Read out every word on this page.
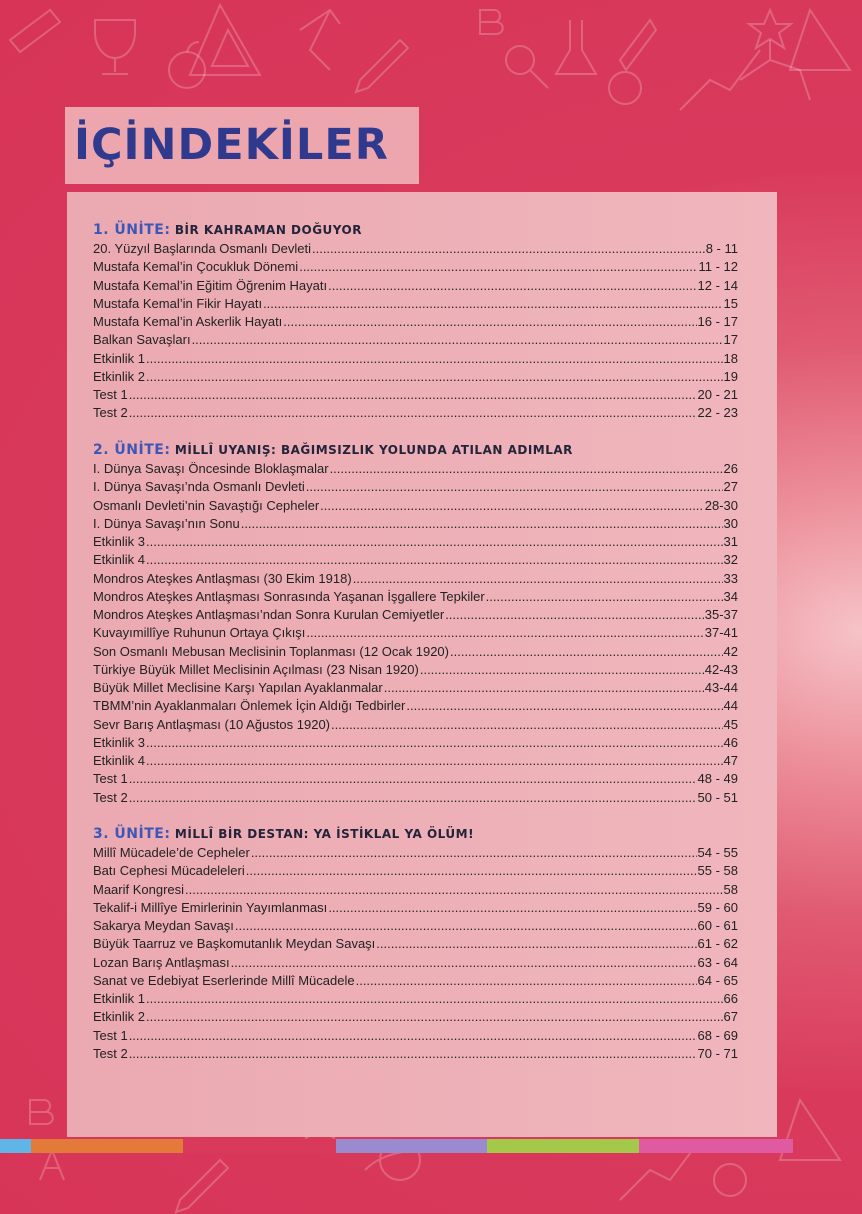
İÇİNDEKİLER
1. ÜNİTE: BİR KAHRAMAN DOĞUYOR
20. Yüzyıl Başlarında Osmanlı Devleti .....	8 - 11
Mustafa Kemal’in Çocukluk Dönemi .....	11 - 12
Mustafa Kemal’in Eğitim Öğrenim Hayatı .....	12 - 14
Mustafa Kemal’in Fikir Hayatı .....	15
Mustafa Kemal’in Askerlik Hayatı .....	16 - 17
Balkan Savaşları .....	17
Etkinlik 1 .....	18
Etkinlik 2 .....	19
Test 1 .....	20 - 21
Test 2 .....	22 - 23
2. ÜNİTE: MİLLÎ UYANIŞ: BAĞIMSIZLIK YOLUNDA ATILAN ADIMLAR
I. Dünya Savaşı Öncesinde Bloklaşmalar .....	26
I. Dünya Savaşı’nda Osmanlı Devleti .....	27
Osmanlı Devleti’nin Savaştığı Cepheler .....	28-30
I. Dünya Savaşı’nın Sonu .....	30
Etkinlik 3 .....	31
Etkinlik 4 .....	32
Mondros Ateşkes Antlaşması (30 Ekim 1918) .....	33
Mondros Ateşkes Antlaşması Sonrasında Yaşanan İşgallere Tepkiler .....	34
Mondros Ateşkes Antlaşması’ndan Sonra Kurulan Cemiyetler .....	35-37
Kuvayımillîye Ruhunun Ortaya Çıkışı .....	37-41
Son Osmanlı Mebusan Meclisinin Toplanması (12 Ocak 1920) .....	42
Türkiye Büyük Millet Meclisinin Açılması (23 Nisan 1920) .....	42-43
Büyük Millet Meclisine Karşı Yapılan Ayaklanmalar .....	43-44
TBMM’nin Ayaklanmaları Önlemek İçin Aldığı Tedbirler .....	44
Sevr Barış Antlaşması (10 Ağustos 1920) .....	45
Etkinlik 3 .....	46
Etkinlik 4 .....	47
Test 1 .....	48 - 49
Test 2 .....	50 - 51
3. ÜNİTE: MİLLÎ BİR DESTAN: YA İSTİKLAL YA ÖLÜM!
Millî Mücadele’de Cepheler .....	54 - 55
Batı Cephesi Mücadeleleri .....	55 - 58
Maarif Kongresi .....	58
Tekalif-i Millîye Emirlerinin Yayımlanması .....	59 - 60
Sakarya Meydan Savaşı .....	60 - 61
Büyük Taarruz ve Başkomutanlık Meydan Savaşı .....	61 - 62
Lozan Barış Antlaşması .....	63 - 64
Sanat ve Edebiyat Eserlerinde Millî Mücadele .....	64 - 65
Etkinlik 1 .....	66
Etkinlik 2 .....	67
Test 1 .....	68 - 69
Test 2 .....	70 - 71
